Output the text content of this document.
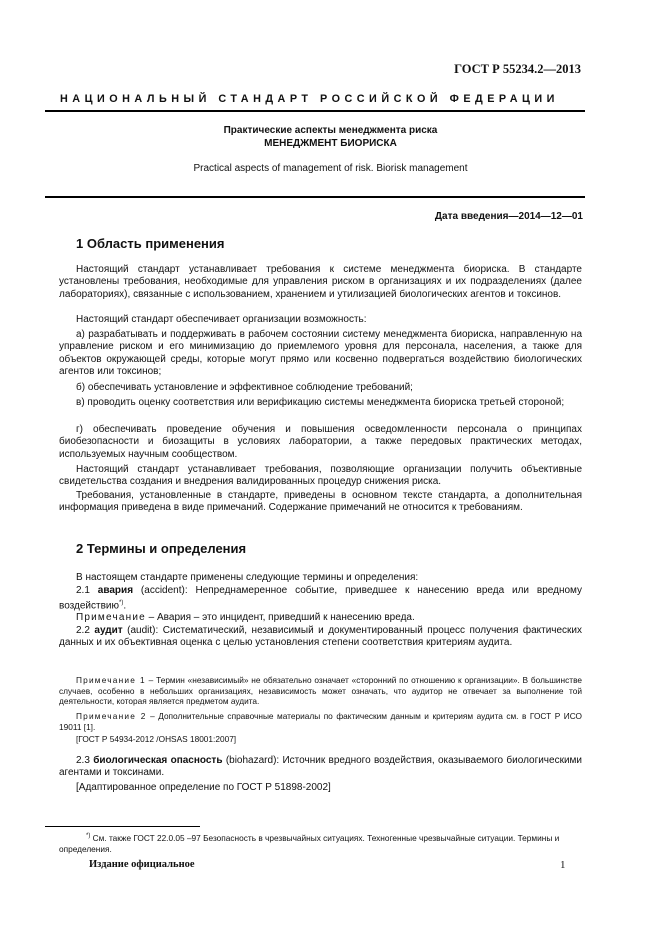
ГОСТ Р 55234.2—2013
НАЦИОНАЛЬНЫЙ СТАНДАРТ РОССИЙСКОЙ ФЕДЕРАЦИИ
Практические аспекты менеджмента риска
МЕНЕДЖМЕНТ БИОРИСКА
Practical aspects of management of risk. Biorisk management
Дата введения—2014—12—01
1 Область применения
Настоящий стандарт устанавливает требования к системе менеджмента биориска. В стандарте установлены требования, необходимые для управления риском в организациях и их подразделениях (далее лабораториях), связанные с использованием, хранением и утилизацией биологических агентов и токсинов.
Настоящий стандарт обеспечивает организации возможность:
а) разрабатывать и поддерживать в рабочем состоянии систему менеджмента биориска, направленную на управление риском и его минимизацию до приемлемого уровня для персонала, населения, а также для объектов окружающей среды, которые могут прямо или косвенно подвергаться воздействию биологических агентов или токсинов;
б) обеспечивать установление и эффективное соблюдение требований;
в) проводить оценку соответствия или верификацию системы менеджмента биориска третьей стороной;
г) обеспечивать проведение обучения и повышения осведомленности персонала о принципах биобезопасности и биозащиты в условиях лаборатории, а также передовых практических методах, используемых научным сообществом.
Настоящий стандарт устанавливает требования, позволяющие организации получить объективные свидетельства создания и внедрения валидированных процедур снижения риска.
Требования, установленные в стандарте, приведены в основном тексте стандарта, а дополнительная информация приведена в виде примечаний. Содержание примечаний не относится к требованиям.
2 Термины и определения
В настоящем стандарте применены следующие термины и определения:
2.1 авария (accident): Непреднамеренное событие, приведшее к нанесению вреда или вредному воздействию*).
Примечание – Авария – это инцидент, приведший к нанесению вреда.
2.2 аудит (audit): Систематический, независимый и документированный процесс получения фактических данных и их объективная оценка с целью установления степени соответствия критериям аудита.
Примечание 1 – Термин «независимый» не обязательно означает «сторонний по отношению к организации». В большинстве случаев, особенно в небольших организациях, независимость может означать, что аудитор не отвечает за выполнение той деятельности, которая является предметом аудита.
Примечание 2 – Дополнительные справочные материалы по фактическим данным и критериям аудита см. в ГОСТ Р ИСО 19011 [1].
[ГОСТ Р 54934-2012 /OHSAS 18001:2007]
2.3 биологическая опасность (biohazard): Источник вредного воздействия, оказываемого биологическими агентами и токсинами.
[Адаптированное определение по ГОСТ Р 51898-2002]
*) См. также ГОСТ 22.0.05 –97 Безопасность в чрезвычайных ситуациях. Техногенные чрезвычайные ситуации. Термины и определения.
Издание официальное	1
